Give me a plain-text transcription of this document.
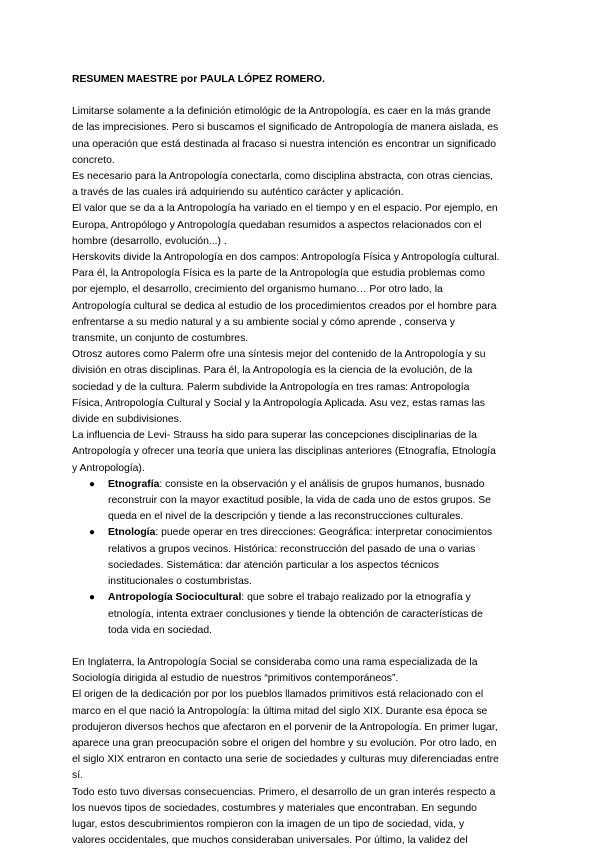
RESUMEN MAESTRE por PAULA LÓPEZ ROMERO.

Limitarse solamente a la definición etimológic de la Antropología, es caer en la más grande de las imprecisiones. Pero si buscamos el significado de Antropología de manera aislada, es una operación que está destinada al fracaso si nuestra intención es encontrar un significado concreto.

Es necesario para la Antropología conectarla, como disciplina abstracta, con otras ciencias, a través de las cuales irá adquiriendo su auténtico carácter y aplicación.

El valor que se da a la Antropología ha variado en el tiempo y en el espacio. Por ejemplo, en Europa, Antropólogo y Antropología quedaban resumidos a aspectos relacionados con el hombre (desarrollo, evolución...) .

Herskovits divide la Antropología en dos campos: Antropología Física y Antropología cultural. Para él, la Antropología Física es la parte de la Antropología que estudia problemas como por ejemplo, el desarrollo, crecimiento del organismo humano… Por otro lado, la Antropología cultural se dedica al estudio de los procedimientos creados por el hombre para enfrentarse a su medio natural y a su ambiente social y cómo aprende , conserva y transmite, un conjunto de costumbres.

Otrosz autores como Palerm ofre una síntesis mejor del contenido de la Antropología y su división en otras disciplinas. Para él, la Antropología es la ciencia de la evolución, de la sociedad y de la cultura. Palerm subdivide la Antropología en tres ramas: Antropología Física, Antropología Cultural y Social y la Antropología Aplicada. Asu vez, estas ramas las divide en subdivisiones.

La influencia de Levi- Strauss ha sido para superar las concepciones disciplinarias de la Antropología y ofrecer una teoría que uniera las disciplinas anteriores (Etnografía, Etnología y Antropología).

● Etnografía: consiste en la observación y el análisis de grupos humanos, busnado reconstruir con la mayor exactitud posible, la vida de cada uno de estos grupos. Se queda en el nivel de la descripción y tiende a las reconstrucciones culturales.
● Etnología: puede operar en tres direcciones: Geográfica: interpretar conocimientos relativos a grupos vecinos. Histórica: reconstrucción del pasado de una o varias sociedades. Sistemática: dar atención particular a los aspectos técnicos institucionales o costumbristas.
● Antropología Sociocultural: que sobre el trabajo realizado por la etnografía y etnología, intenta extraer conclusiones y tiende la obtención de características de toda vida en sociedad.

En Inglaterra, la Antropología Social se consideraba como una rama especializada de la Sociología dirigida al estudio de nuestros “primitivos contemporáneos”.

El origen de la dedicación por por los pueblos llamados primitivos está relacionado con el marco en el que nació la Antropología: la última mitad del siglo XIX. Durante esa época se produjeron diversos hechos que afectaron en el porvenir de la Antropología. En primer lugar, aparece una gran preocupación sobre el origen del hombre y su evolución. Por otro lado, en el siglo XIX entraron en contacto una serie de sociedades y culturas muy diferenciadas entre sí.

Todo esto tuvo diversas consecuencias. Primero, el desarrollo de un gran interés respecto a los nuevos tipos de sociedades, costumbres y materiales que encontraban. En segundo lugar, estos descubrimientos rompieron con la imagen de un tipo de sociedad, vida, y valores occidentales, que muchos consideraban universales. Por último, la validez del
